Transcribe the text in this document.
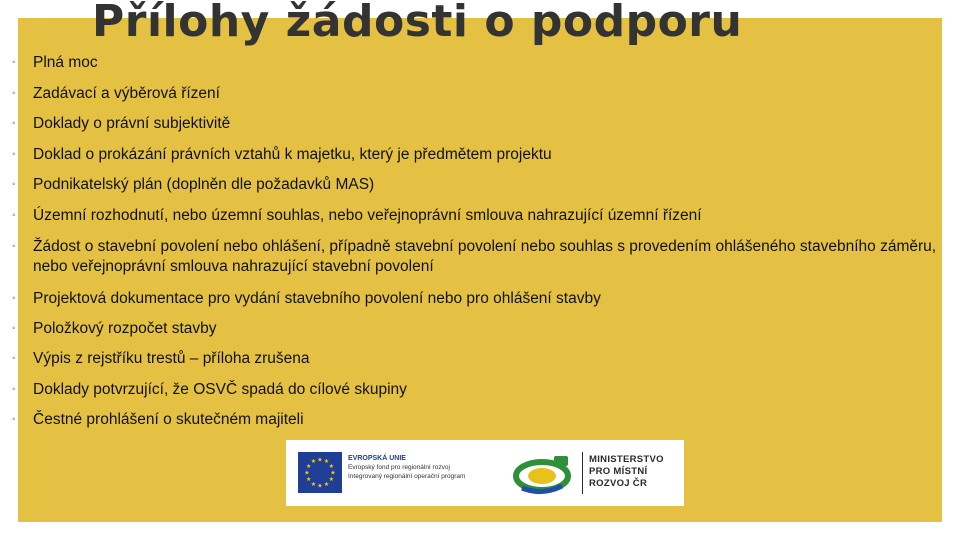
Přílohy žádosti o podporu
◦ Plná moc
◦ Zadávací a výběrová řízení
◦ Doklady o právní subjektivitě
◦ Doklad o prokázání právních vztahů k majetku, který je předmětem projektu
◦ Podnikatelský plán (doplněn dle požadavků MAS)
◦ Územní rozhodnutí, nebo územní souhlas, nebo veřejnoprávní smlouva nahrazující územní řízení
◦ Žádost o stavební povolení nebo ohlášení, případně stavební povolení nebo souhlas s provedením ohlášeného stavebního záměru, nebo veřejnoprávní smlouva nahrazující stavební povolení
◦ Projektová dokumentace pro vydání stavebního povolení nebo pro ohlášení stavby
◦ Položkový rozpočet stavby
◦ Výpis z rejstříku trestů – příloha zrušena
◦ Doklady potvrzující, že OSVČ spadá do cílové skupiny
◦ Čestné prohlášení o skutečném majiteli
★ ★
★
★
★
★
★
★
★
★
★
★
EVROPSKÁ UNIE
Evropský fond pro regionální rozvoj
Integrovaný regionální operační program
MINISTERSTVO
PRO MÍSTNÍ
ROZVOJ ČR
